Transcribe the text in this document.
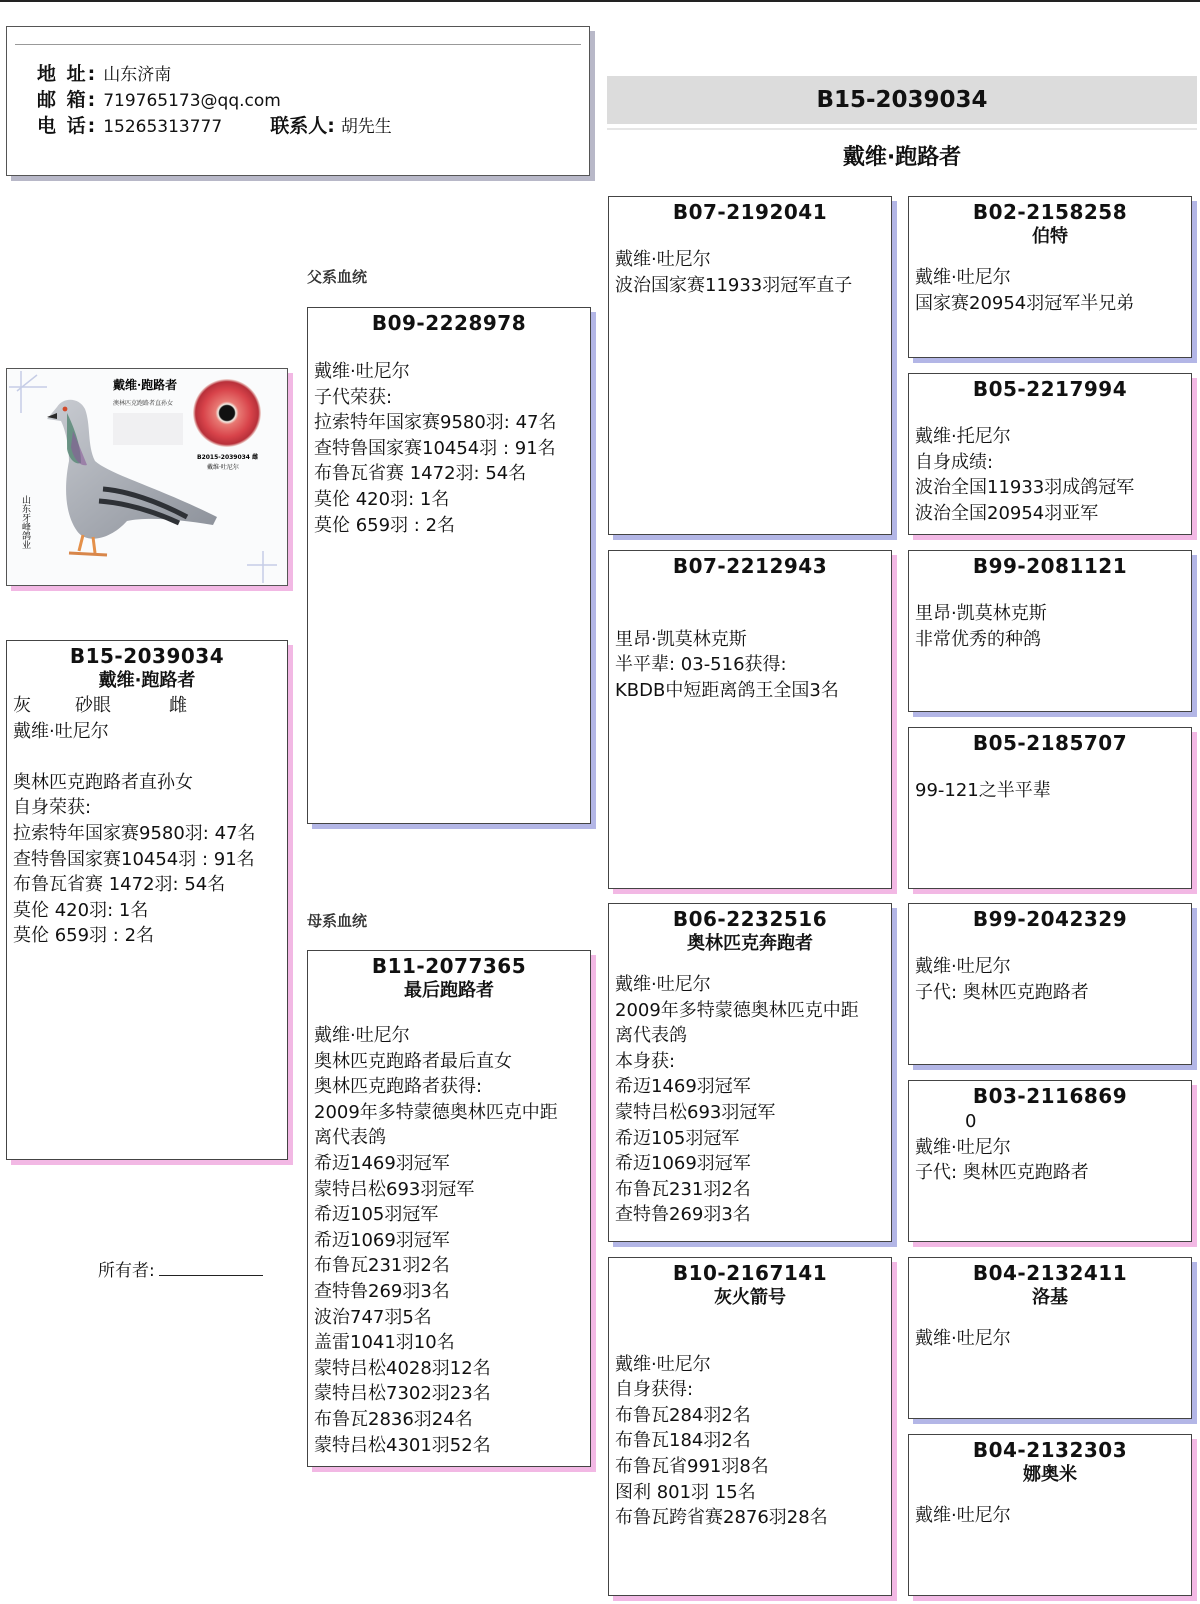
地 址: 山东济南
邮 箱: 719765173@qq.com
电 话: 15265313777	联系人: 胡先生
B15-2039034
戴维·跑路者
父系血统
母系血统
戴维·跑路者
澳林匹克跑路者直孙女
B2015-2039034 雌
戴维·吐尼尔
山东牙峰鸽业
B15-2039034
戴维·跑路者
灰 砂眼	雌
戴维·吐尼尔
奥林匹克跑路者直孙女
自身荣获:
拉索特年国家赛9580羽: 47名
查特鲁国家赛10454羽 : 91名
布鲁瓦省赛 1472羽: 54名
莫伦 420羽: 1名
莫伦 659羽 : 2名
所有者:
B09-2228978
戴维·吐尼尔
子代荣获:
拉索特年国家赛9580羽: 47名
查特鲁国家赛10454羽 : 91名
布鲁瓦省赛 1472羽: 54名
莫伦 420羽: 1名
莫伦 659羽 : 2名
B11-2077365
最后跑路者
戴维·吐尼尔
奥林匹克跑路者最后直女
奥林匹克跑路者获得:
2009年多特蒙德奥林匹克中距
离代表鸽
希迈1469羽冠军
蒙特吕松693羽冠军
希迈105羽冠军
希迈1069羽冠军
布鲁瓦231羽2名
查特鲁269羽3名
波治747羽5名
盖雷1041羽10名
蒙特吕松4028羽12名
蒙特吕松7302羽23名
布鲁瓦2836羽24名
蒙特吕松4301羽52名
B07-2192041
戴维·吐尼尔
波治国家赛11933羽冠军直子
B07-2212943
里昂·凯莫林克斯
半平辈: 03-516获得:
KBDB中短距离鸽王全国3名
B06-2232516
奥林匹克奔跑者
戴维·吐尼尔
2009年多特蒙德奥林匹克中距
离代表鸽
本身获:
希迈1469羽冠军
蒙特吕松693羽冠军
希迈105羽冠军
希迈1069羽冠军
布鲁瓦231羽2名
查特鲁269羽3名
B10-2167141
灰火箭号
戴维·吐尼尔
自身获得:
布鲁瓦284羽2名
布鲁瓦184羽2名
布鲁瓦省991羽8名
图利 801羽 15名
布鲁瓦跨省赛2876羽28名
B02-2158258
伯特
戴维·吐尼尔
国家赛20954羽冠军半兄弟
B05-2217994
戴维·托尼尔
自身成绩:
波治全国11933羽成鸽冠军
波治全国20954羽亚军
B99-2081121
里昂·凯莫林克斯
非常优秀的种鸽
B05-2185707
99-121之半平辈
B99-2042329
戴维·吐尼尔
子代: 奥林匹克跑路者
B03-2116869
0
戴维·吐尼尔
子代: 奥林匹克跑路者
B04-2132411
洛基
戴维·吐尼尔
B04-2132303
娜奥米
戴维·吐尼尔
